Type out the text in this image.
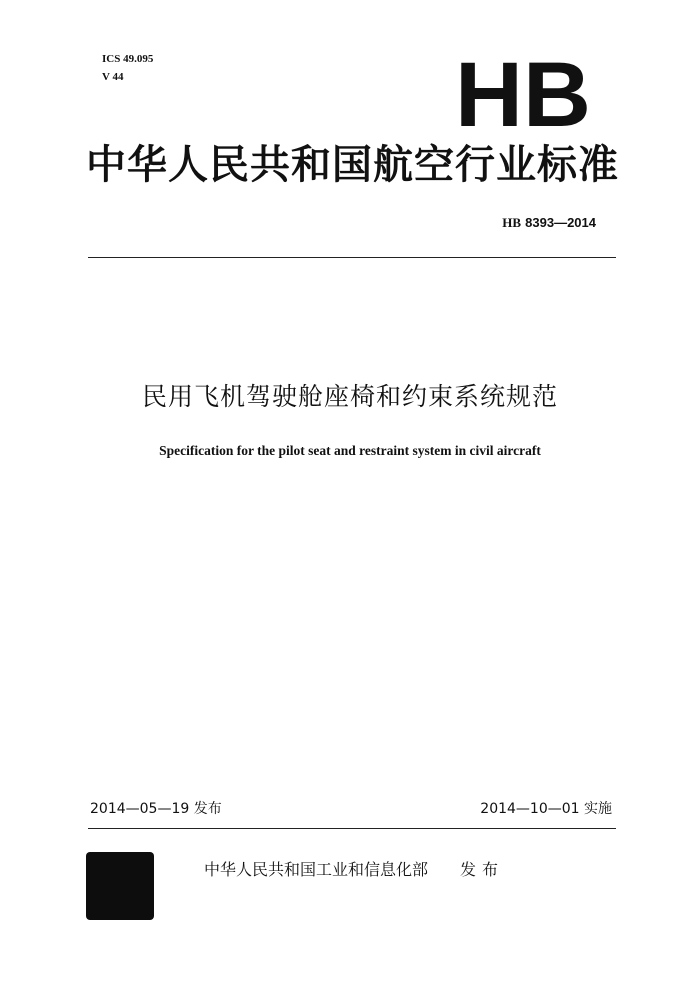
ICS 49.095
V 44	HB
中华人民共和国航空行业标准
HB 8393—2014
民用飞机驾驶舱座椅和约束系统规范
Specification for the pilot seat and restraint system in civil aircraft
2014—05—19 发布	2014—10—01 实施
中华人民共和国工业和信息化部 发布
